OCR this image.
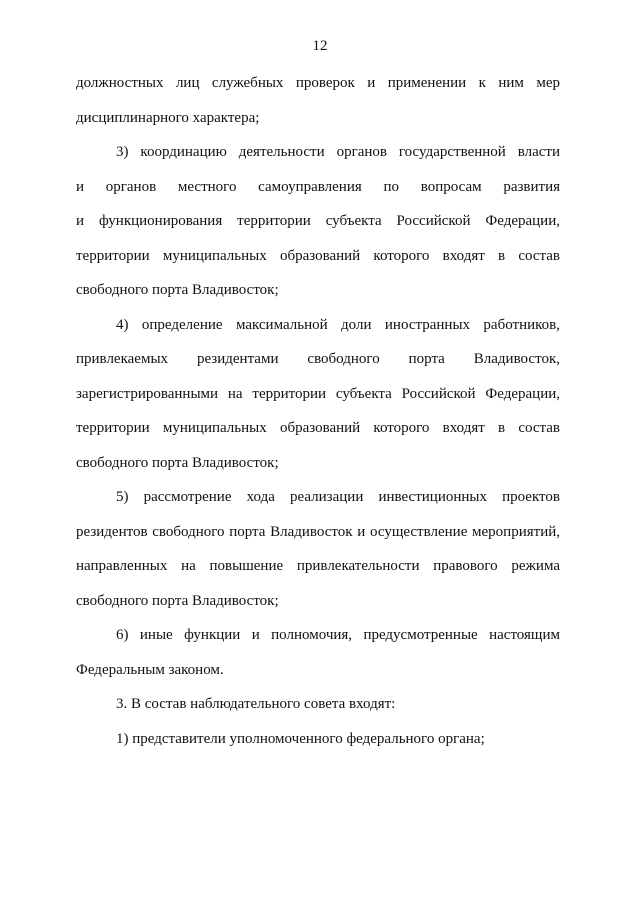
12
должностных лиц служебных проверок и применении к ним мер
дисциплинарного характера;
3) координацию деятельности органов государственной власти
и органов местного самоуправления по вопросам развития
и функционирования территории субъекта Российской Федерации,
территории муниципальных образований которого входят в состав
свободного порта Владивосток;
4) определение максимальной доли иностранных работников,
привлекаемых резидентами свободного порта Владивосток,
зарегистрированными на территории субъекта Российской Федерации,
территории муниципальных образований которого входят в состав
свободного порта Владивосток;
5) рассмотрение хода реализации инвестиционных проектов
резидентов свободного порта Владивосток и осуществление мероприятий,
направленных на повышение привлекательности правового режима
свободного порта Владивосток;
6) иные функции и полномочия, предусмотренные настоящим
Федеральным законом.
3. В состав наблюдательного совета входят:
1) представители уполномоченного федерального органа;
